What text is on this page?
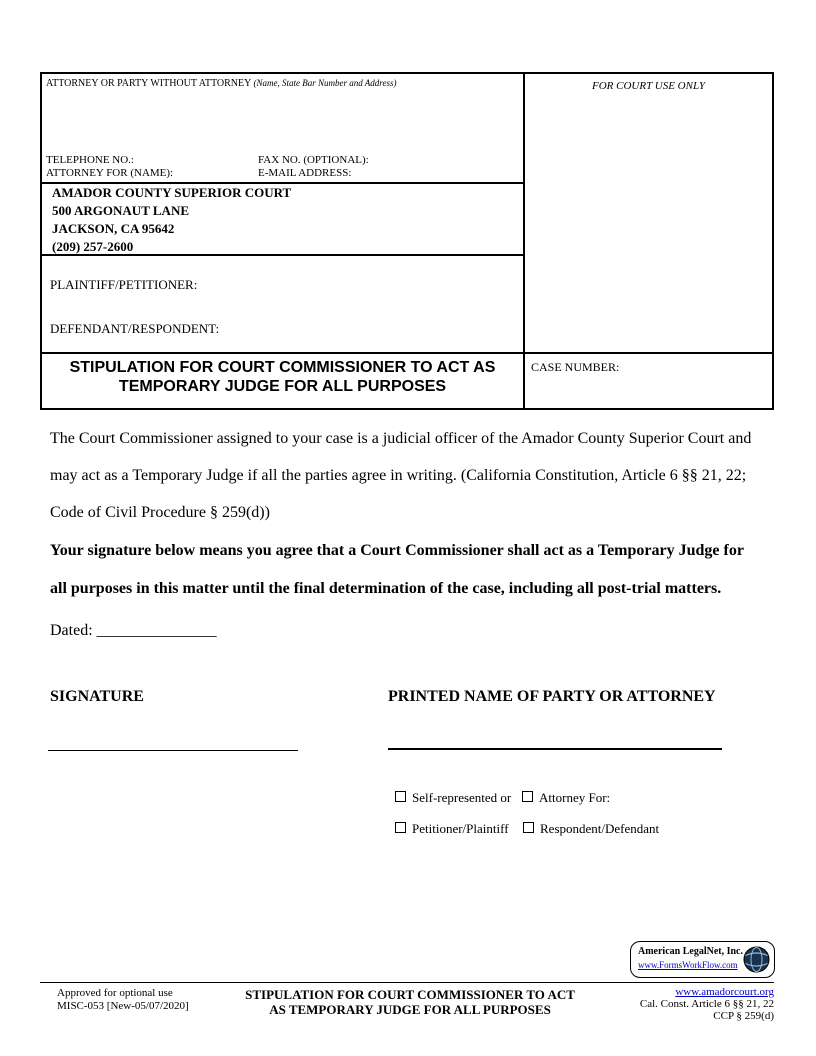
ATTORNEY OR PARTY WITHOUT ATTORNEY (Name, State Bar Number and Address)
TELEPHONE NO.:	FAX NO. (OPTIONAL):
ATTORNEY FOR (NAME):	E-MAIL ADDRESS:
AMADOR COUNTY SUPERIOR COURT
500 ARGONAUT LANE
JACKSON, CA 95642
(209) 257-2600
PLAINTIFF/PETITIONER:
DEFENDANT/RESPONDENT:
STIPULATION FOR COURT COMMISSIONER TO ACT AS
TEMPORARY JUDGE FOR ALL PURPOSES
FOR COURT USE ONLY
CASE NUMBER:
The Court Commissioner assigned to your case is a judicial officer of the Amador County Superior Court and
may act as a Temporary Judge if all the parties agree in writing. (California Constitution, Article 6 §§ 21, 22;
Code of Civil Procedure § 259(d))
Your signature below means you agree that a Court Commissioner shall act as a Temporary Judge for
all purposes in this matter until the final determination of the case, including all post-trial matters.
Dated: _______________
SIGNATURE	PRINTED NAME OF PARTY OR ATTORNEY
Self-represented or Attorney For:
Petitioner/Plaintiff Respondent/Defendant
American LegalNet, Inc.
www.FormsWorkFlow.com
Approved for optional use
MISC-053 [New-05/07/2020]
STIPULATION FOR COURT COMMISSIONER TO ACT
AS TEMPORARY JUDGE FOR ALL PURPOSES
www.amadorcourt.org
Cal. Const. Article 6 §§ 21, 22
CCP § 259(d)
